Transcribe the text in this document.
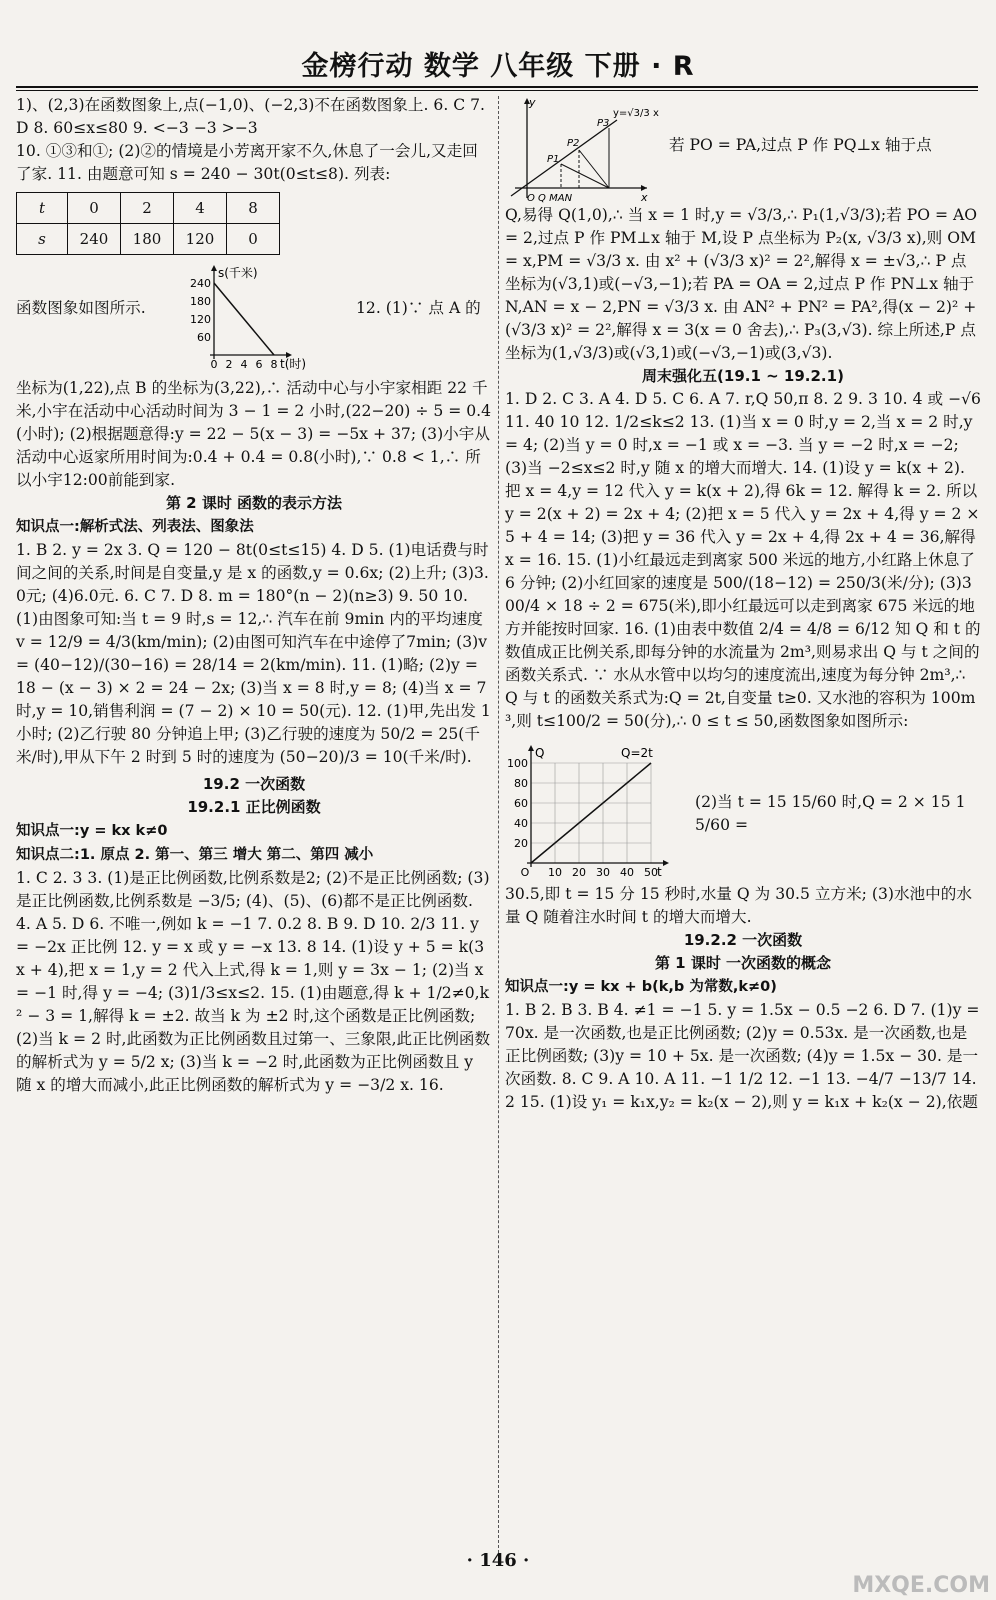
金榜行动 数学 八年级 下册 · R

1)、(2,3)在函数图象上,点(−1,0)、(−2,3)不在函数图象上. 6. C 7. D 8. 60≤x≤80 9. <−3 −3 >−3

10. ①③和①; (2)②的情境是小芳离开家不久,休息了一会儿,又走回了家. 11. 由题意可知 s = 240 − 30t(0≤t≤8). 列表:

t	0	2	4	8
s	240	180	120	0

函数图象如图所示.

240
180
120
60
0 2 4 6 8
s(千米)
t(时)

12. (1)∵ 点 A 的

坐标为(1,22),点 B 的坐标为(3,22),∴ 活动中心与小宇家相距 22 千米,小宇在活动中心活动时间为 3 − 1 = 2 小时,(22−20) ÷ 5 = 0.4(小时); (2)根据题意得:y = 22 − 5(x − 3) = −5x + 37; (3)小宇从活动中心返家所用时间为:0.4 + 0.4 = 0.8(小时),∵ 0.8 < 1,∴ 所以小宇12:00前能到家.

第 2 课时 函数的表示方法

知识点一:解析式法、列表法、图象法

1. B 2. y = 2x 3. Q = 120 − 8t(0≤t≤15) 4. D 5. (1)电话费与时间之间的关系,时间是自变量,y 是 x 的函数,y = 0.6x; (2)上升; (3)3.0元; (4)6.0元. 6. C 7. D 8. m = 180°(n − 2)(n≥3) 9. 50 10. (1)由图象可知:当 t = 9 时,s = 12,∴ 汽车在前 9min 内的平均速度 v = 12/9 = 4/3(km/min); (2)由图可知汽车在中途停了7min; (3)v = (40−12)/(30−16) = 28/14 = 2(km/min). 11. (1)略; (2)y = 18 − (x − 3) × 2 = 24 − 2x; (3)当 x = 8 时,y = 8; (4)当 x = 7 时,y = 10,销售利润 = (7 − 2) × 10 = 50(元). 12. (1)甲,先出发 1 小时; (2)乙行驶 80 分钟追上甲; (3)乙行驶的速度为 50/2 = 25(千米/时),甲从下午 2 时到 5 时的速度为 (50−20)/3 = 10(千米/时).

19.2 一次函数

19.2.1 正比例函数

知识点一:y = kx k≠0

知识点二:1. 原点 2. 第一、第三 增大 第二、第四 减小

1. C 2. 3 3. (1)是正比例函数,比例系数是2; (2)不是正比例函数; (3)是正比例函数,比例系数是 −3/5; (4)、(5)、(6)都不是正比例函数. 4. A 5. D 6. 不唯一,例如 k = −1 7. 0.2 8. B 9. D 10. 2/3 11. y = −2x 正比例 12. y = x 或 y = −x 13. 8 14. (1)设 y + 5 = k(3x + 4),把 x = 1,y = 2 代入上式,得 k = 1,则 y = 3x − 1; (2)当 x = −1 时,得 y = −4; (3)1/3≤x≤2. 15. (1)由题意,得 k + 1/2≠0,k² − 3 = 1,解得 k = ±2. 故当 k 为 ±2 时,这个函数是正比例函数; (2)当 k = 2 时,此函数为正比例函数且过第一、三象限,此正比例函数的解析式为 y = 5/2 x; (3)当 k = −2 时,此函数为正比例函数且 y 随 x 的增大而减小,此正比例函数的解析式为 y = −3/2 x. 16.

y
x
y=√3/3 x
P3
P2
P1
O Q MAN

若 PO = PA,过点 P 作 PQ⊥x 轴于点

Q,易得 Q(1,0),∴ 当 x = 1 时,y = √3/3,∴ P₁(1,√3/3);若 PO = AO = 2,过点 P 作 PM⊥x 轴于 M,设 P 点坐标为 P₂(x, √3/3 x),则 OM = x,PM = √3/3 x. 由 x² + (√3/3 x)² = 2²,解得 x = ±√3,∴ P 点坐标为(√3,1)或(−√3,−1);若 PA = OA = 2,过点 P 作 PN⊥x 轴于 N,AN = x − 2,PN = √3/3 x. 由 AN² + PN² = PA²,得(x − 2)² + (√3/3 x)² = 2²,解得 x = 3(x = 0 舍去),∴ P₃(3,√3). 综上所述,P 点坐标为(1,√3/3)或(√3,1)或(−√3,−1)或(3,√3).

周末强化五(19.1 ~ 19.2.1)

1. D 2. C 3. A 4. D 5. C 6. A 7. r,Q 50,π 8. 2 9. 3 10. 4 或 −√6 11. 40 10 12. 1/2≤k≤2 13. (1)当 x = 0 时,y = 2,当 x = 2 时,y = 4; (2)当 y = 0 时,x = −1 或 x = −3. 当 y = −2 时,x = −2; (3)当 −2≤x≤2 时,y 随 x 的增大而增大. 14. (1)设 y = k(x + 2). 把 x = 4,y = 12 代入 y = k(x + 2),得 6k = 12. 解得 k = 2. 所以 y = 2(x + 2) = 2x + 4; (2)把 x = 5 代入 y = 2x + 4,得 y = 2 × 5 + 4 = 14; (3)把 y = 36 代入 y = 2x + 4,得 2x + 4 = 36,解得 x = 16. 15. (1)小红最远走到离家 500 米远的地方,小红路上休息了 6 分钟; (2)小红回家的速度是 500/(18−12) = 250/3(米/分); (3)300/4 × 18 ÷ 2 = 675(米),即小红最远可以走到离家 675 米远的地方并能按时回家. 16. (1)由表中数值 2/4 = 4/8 = 6/12 知 Q 和 t 的数值成正比例关系,即每分钟的水流量为 2m³,则易求出 Q 与 t 之间的函数关系式. ∵ 水从水管中以均匀的速度流出,速度为每分钟 2m³,∴ Q 与 t 的函数关系式为:Q = 2t,自变量 t≥0. 又水池的容积为 100m³,则 t≤100/2 = 50(分),∴ 0 ≤ t ≤ 50,函数图象如图所示:

100
80
60
40
20
O 10 20 30 40 50
Q
t
Q=2t

(2)当 t = 15 15/60 时,Q = 2 × 15 15/60 =

30.5,即 t = 15 分 15 秒时,水量 Q 为 30.5 立方米; (3)水池中的水量 Q 随着注水时间 t 的增大而增大.

19.2.2 一次函数

第 1 课时 一次函数的概念

知识点一:y = kx + b(k,b 为常数,k≠0)

1. B 2. B 3. B 4. ≠1 = −1 5. y = 1.5x − 0.5 −2 6. D 7. (1)y = 70x. 是一次函数,也是正比例函数; (2)y = 0.53x. 是一次函数,也是正比例函数; (3)y = 10 + 5x. 是一次函数; (4)y = 1.5x − 30. 是一次函数. 8. C 9. A 10. A 11. −1 1/2 12. −1 13. −4/7 −13/7 14. 2 15. (1)设 y₁ = k₁x,y₂ = k₂(x − 2),则 y = k₁x + k₂(x − 2),依题

· 146 ·
MXQE.COM
